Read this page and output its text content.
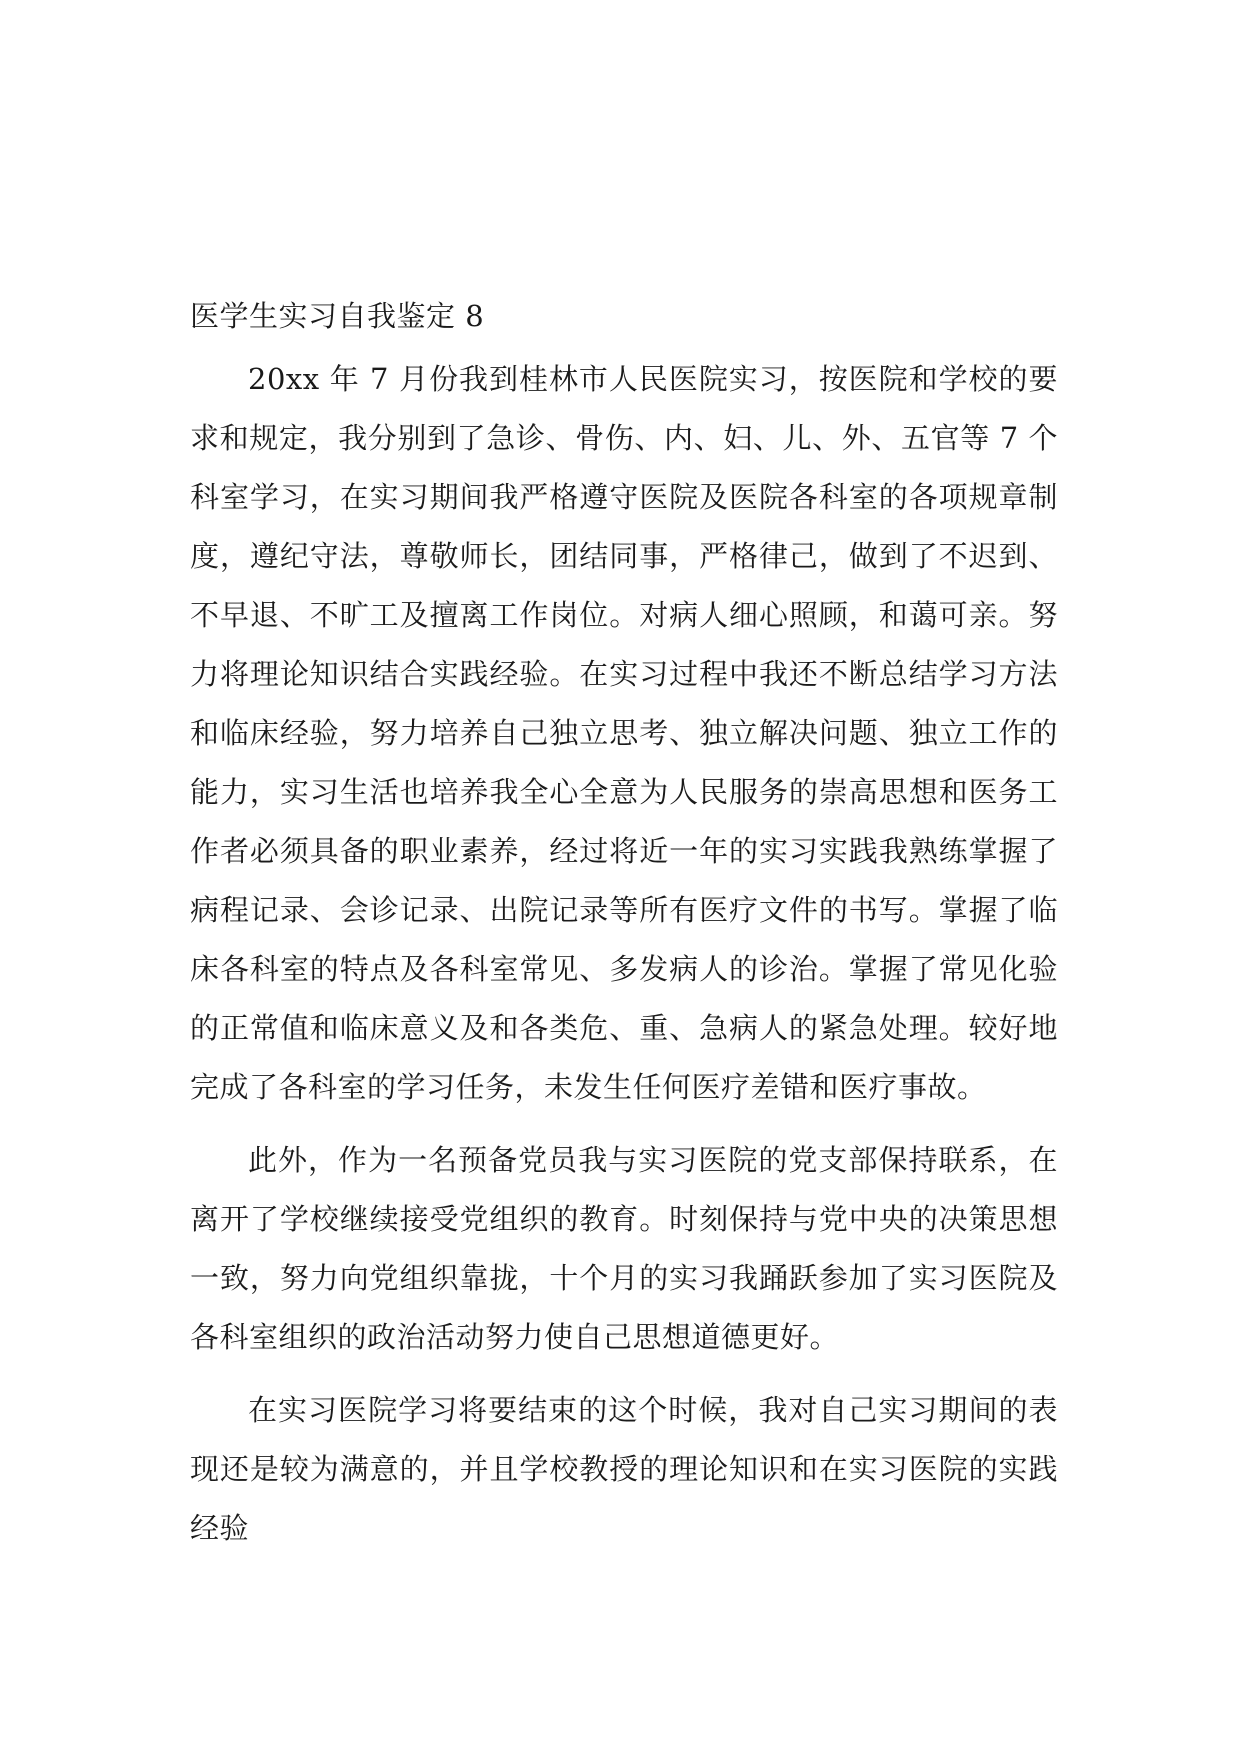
医学生实习自我鉴定 8

20xx 年 7 月份我到桂林市人民医院实习，按医院和学校的要求和规定，我分别到了急诊、骨伤、内、妇、儿、外、五官等 7 个科室学习，在实习期间我严格遵守医院及医院各科室的各项规章制度，遵纪守法，尊敬师长，团结同事，严格律己，做到了不迟到、不早退、不旷工及擅离工作岗位。对病人细心照顾，和蔼可亲。努力将理论知识结合实践经验。在实习过程中我还不断总结学习方法和临床经验，努力培养自己独立思考、独立解决问题、独立工作的能力，实习生活也培养我全心全意为人民服务的崇高思想和医务工作者必须具备的职业素养，经过将近一年的实习实践我熟练掌握了病程记录、会诊记录、出院记录等所有医疗文件的书写。掌握了临床各科室的特点及各科室常见、多发病人的诊治。掌握了常见化验的正常值和临床意义及和各类危、重、急病人的紧急处理。较好地完成了各科室的学习任务，未发生任何医疗差错和医疗事故。

此外，作为一名预备党员我与实习医院的党支部保持联系，在离开了学校继续接受党组织的教育。时刻保持与党中央的决策思想一致，努力向党组织靠拢，十个月的实习我踊跃参加了实习医院及各科室组织的政治活动努力使自己思想道德更好。

在实习医院学习将要结束的这个时候，我对自己实习期间的表现还是较为满意的，并且学校教授的理论知识和在实习医院的实践经验
